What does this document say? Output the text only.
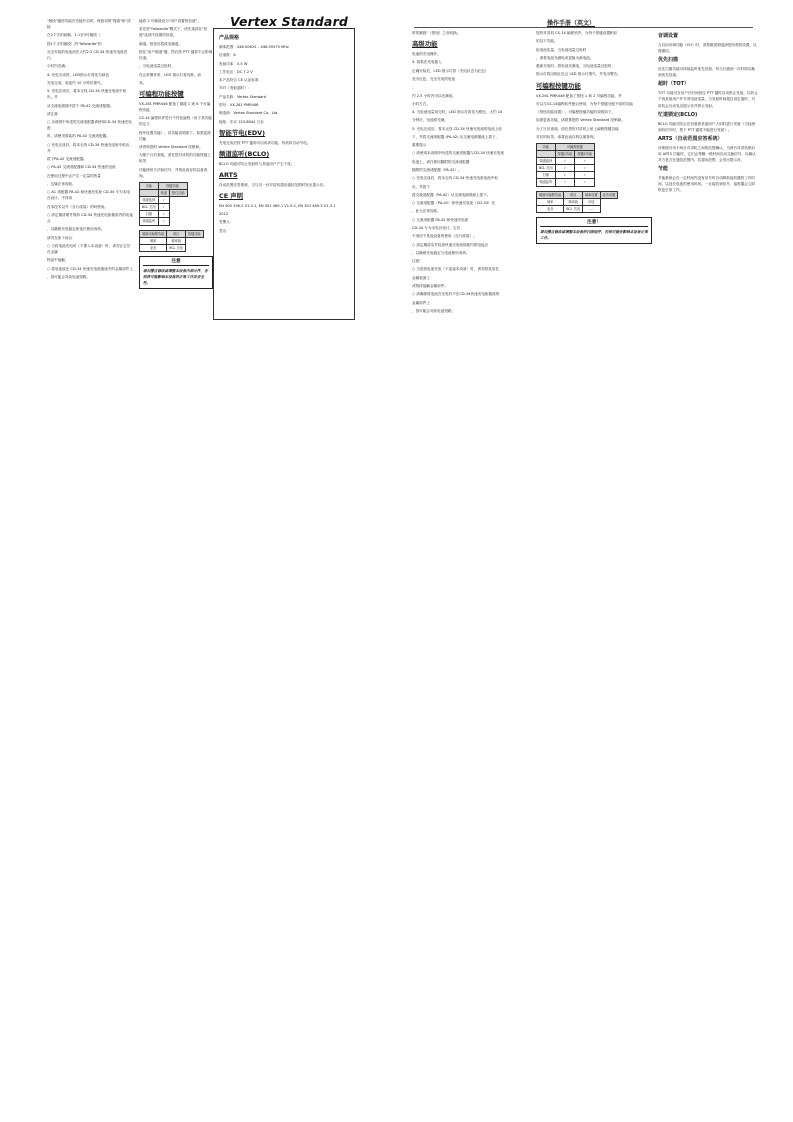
Vertex Standard

"频段"键再功能在功能开启时，保留项的"搜索"和"清除

在2个字的间隔，1.1至3号频段（

按1个字的频段）的"fallowrite"的

完全安装的电池请在大约2.5 CD-34 快速充电座进行。

小时内充满。

4. 充电完成时，LED指示灯将变为绿色

充电完成，电池约 10 分钟后熄灭。

5. 充电完成后，将本无线 CD-34 快速充电座中取出，并

从交流电源插中拔下 PA-42 交流适配器。

请注意：

○ 本说明中所述的交流适配器请使用CD-34 快速充电座

时，请使用原装的 PA-42 交流适配器。

○ 充电完成后，将本无线 CD-34 快速充电座中取出，并

拔下PA-42 交流适配器。

○ PA-42 交流适配器和 CD-34 快速充电座

在使用过程中会产生一定量的热量

，这属正常现象。

○ AC 适配器 PA-42 和快速充电座 CD-34 专为本电台设计，不得用

在本技术以外（自行改装）的时使用。

○ 请定期清理并保持 CD-34 快速充电座插座内的电接点

，以确保充电稳定和延长使用寿命。

请勿在如下场合：

○ 当将电池充电时（不要入本设备）时，请勿让它们在金属

物品中接触，

○ 将电池放在 CD-34 快速充电座插座中的金属部件上

，因可能会导致电池短路。

能将 2 号频道设为"用户设置的信道"。

若在进"fallowrite"模式下，请先选择在"信道"选项中设置的信道，

频道。按扭后将改变频道。

按住"用户频道"键，然后按 PTT 键将不会影响信道。

，当电池电量过低时，

在正常操作时，LED 指示灯将闪烁，而

具。

可编程功能按键

VX-261 PMR446 配备了频道 1 到 8 个可编程功能

CS-14 编程软件进行个性化编程（用于其功能的定义

程序设置功能），其功能说明如下。如果更改功能

请咨询您的 Vertex Standard 经销商。

为便于日后查阅，请在您对讲机的功能按键上贴签

功能使用方法和信号，并将此表存档以备查询。

功能	按键功能	
	频道	按住功能
频道选择	✓	
BCL 关闭	✓	
扫描	✓	
频道监听	✓	
频道可编程功能	项目	按键功能
频率	频率值	
亚音	BCL 关闭	
注意
请勿擅自修改或调整本设备内部元件，否则将可能影响本设备的正常工作及安全性。
产品规格

频率范围：446.00625 – 446.09375 MHz

信道数：8

发射功率：0.5 W

工作电压：DC 7.2 V

本产品符合 CE 认证标准

TOT（发射超时）：

产品名称：Vertex Standard

型号：VX-261 PMR446

制造商：Vertex Standard Co., Ltd.

地址：东京 153-8644 日本

智能节电(EDV)

充电完成后按 PTT 键即可启用该功能，待机时自动节电。

频道监听(BCLO)

BCLO 功能可防止发射时与其他用户产生干扰。

ARTS

自动范围应答系统，当与另一台对讲机超出通信范围时发出提示音。

CE 声明

EN 300 296-2 V1.3.1, EN 301 489-1 V1.9.2, EN 301 489-5 V1.3.1

2012

签署人：

签名：

操作手册（英文）

时的频段"（按钮）之前切换。

高级功能

电池的充电操作。

3. 如果在充电插入

正确安装后，LED 指示灯将（充电状态为红色）

变为红色，完全充电的电池

，

约 2.5 小时内可以充满电。

小时左右。

4. 当电池电量用完时，LED 指示灯将变为橙色，大约 10

分钟后，电池将充满。

5. 充电完成后，将本无线 CD-34 快速充电座的电池上取

下，并将交流适配器 (PA-42) 从交流电源插座上拔下。

重要提示

○ 请使用本说明中所述的交流适配器与CD-34 快速充电座

电池上，请仅使用随附的交流适配器

随附的交流适配器（PA-42）。

○ 充电完成后，将本无线 CD-34 快速充电座电池中取

出，并拔下

将交流适配器（PA-42）从交流电源插座上拔下。

○ 交流适配器（PA-42）和快速充电座（CD-34）在

，此为正常现象。

○ 交流适配器 PA-42 和快速充电座

CD-34 专为本电台设计，它们

不适用于其他设备的使用（自行改装）。

○ 请定期清洁并检查快速充电座插座内的电接点

，以确保充电稳定与电池使用寿命。

注意！

○ 当您将电池充电（不连接本设备）时，请勿将其放在

金属表面上

或物体接触金属部件。

○ 请确保将电池在充电时不在CD-34快速充电座插座的

金属部件上

，因可能会导致电池短路。

您的对讲机 CS-14 编程软件，为每个按键设置相应

的以下功能。

低电池电量，当电池电量过低时

，请将电池充满电或更换为新电池。

重新充电时，将电池充满电，当电池电量过低时，

指示灯将闪烁红色且 LED 指示灯熄灭，并发出警告。

可编程按键功能

VX-261 PMR446 配备了按钮 1 和 2 可编程功能，并

可以与CS-14编程软件配合使用，为每个按键分配不同的功能

（按钮功能设置）。可编程按键功能的说明如下，

如需更改功能，请联系您的 Vertex Standard 经销商。

为了日后查阅，请在您的对讲机上贴上编程按键功能

对应的标签，请将此表存档以便查询。

功能	可编程按键	
	按键1功能	按键2功能
频道选择	✓	✓
BCL 关闭	✓	✓
扫描	✓	✓
频道监听	✓	✓
频道可编程功能	项目	频率设置	亚音设置
频率	频率值	可选	
亚音	BCL 关闭	---	
注意！
请勿擅自修改或调整本设备的内部组件，否则可能会影响本设备正常工作。
音调设置

当启用音调功能（CH）时，请按照说明选择您所需的设置，以便通话。

优先扫描

优先扫描功能可持续监听优先信道，每当扫描到一次时即切换到优先信道。

超时（TOT）

TOT 功能可在用户长时间按住 PTT 键时自动停止发射，以防止干扰其他用户并节省电池电量，当发射时间超过设定值时，对讲机会自动发出提示音并停止发射。

忙道锁定(BCLO)

BCLO 功能可防止在信道被其他用户占用时进行发射（当检测到有信号时，按下 PTT 键将不能进行发射）。

ARTS（自动范围应答系统）

该系统可用于两台对讲机之间的范围确认，当两台对讲机都启用 ARTS 功能时，它们会每隔一段时间自动交换信号，以确认对方是否在通信范围内。若超出范围，会发出提示音。

节能

节能系统会在一定时间内没有信号时自动降低接收器的工作时间，以延长电池的使用时间。一旦接收到信号，接收器会立即恢复正常工作。
